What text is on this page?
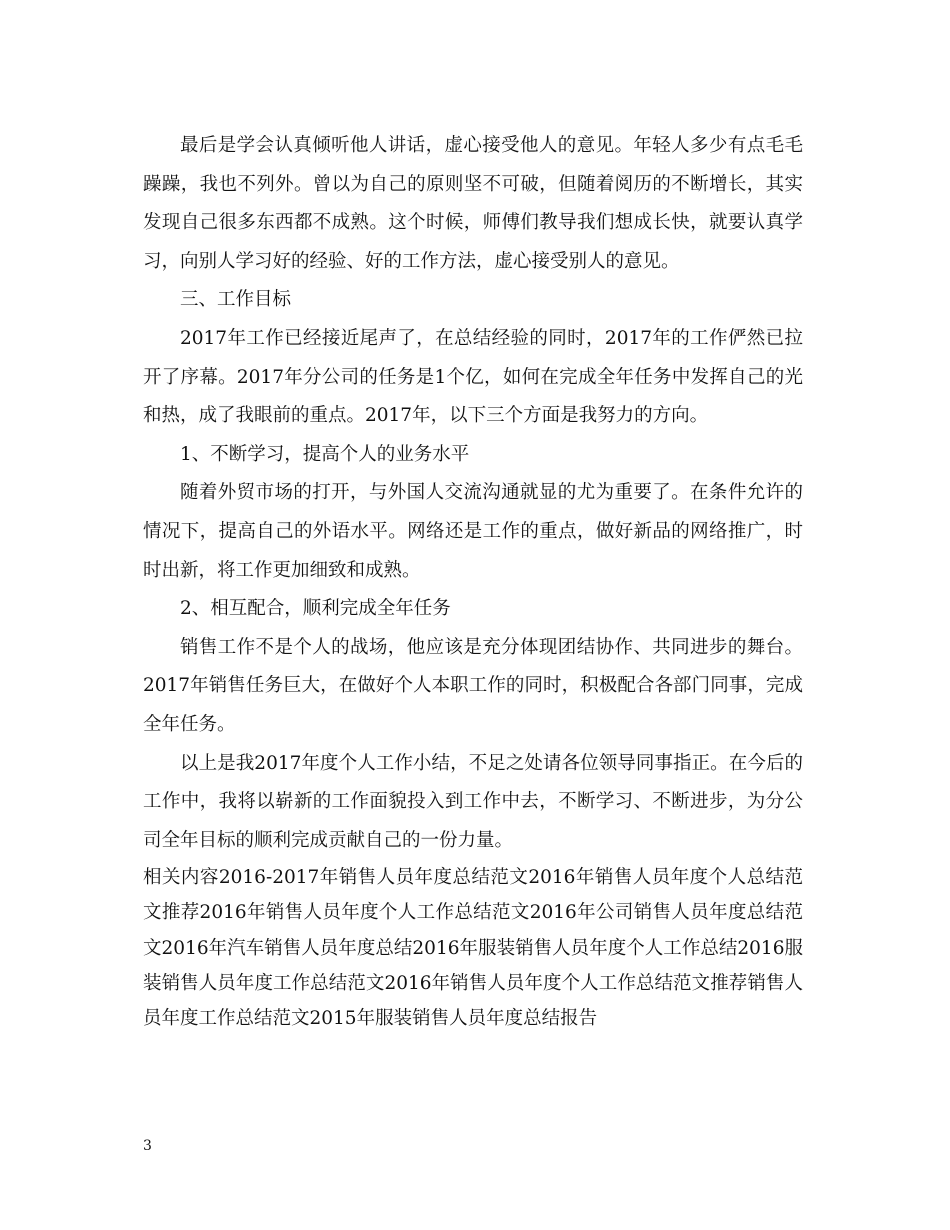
最后是学会认真倾听他人讲话，虚心接受他人的意见。年轻人多少有点毛毛躁躁，我也不列外。曾以为自己的原则坚不可破，但随着阅历的不断增长，其实发现自己很多东西都不成熟。这个时候，师傅们教导我们想成长快，就要认真学习，向别人学习好的经验、好的工作方法，虚心接受别人的意见。

三、工作目标

2017年工作已经接近尾声了，在总结经验的同时，2017年的工作俨然已拉开了序幕。2017年分公司的任务是1个亿，如何在完成全年任务中发挥自己的光和热，成了我眼前的重点。2017年，以下三个方面是我努力的方向。

1、不断学习，提高个人的业务水平

随着外贸市场的打开，与外国人交流沟通就显的尤为重要了。在条件允许的情况下，提高自己的外语水平。网络还是工作的重点，做好新品的网络推广，时时出新，将工作更加细致和成熟。

2、相互配合，顺利完成全年任务

销售工作不是个人的战场，他应该是充分体现团结协作、共同进步的舞台。2017年销售任务巨大，在做好个人本职工作的同时，积极配合各部门同事，完成全年任务。

以上是我2017年度个人工作小结，不足之处请各位领导同事指正。在今后的工作中，我将以崭新的工作面貌投入到工作中去，不断学习、不断进步，为分公司全年目标的顺利完成贡献自己的一份力量。

相关内容2016-2017年销售人员年度总结范文2016年销售人员年度个人总结范文推荐2016年销售人员年度个人工作总结范文2016年公司销售人员年度总结范文2016年汽车销售人员年度总结2016年服装销售人员年度个人工作总结2016服装销售人员年度工作总结范文2016年销售人员年度个人工作总结范文推荐销售人员年度工作总结范文2015年服装销售人员年度总结报告

3
